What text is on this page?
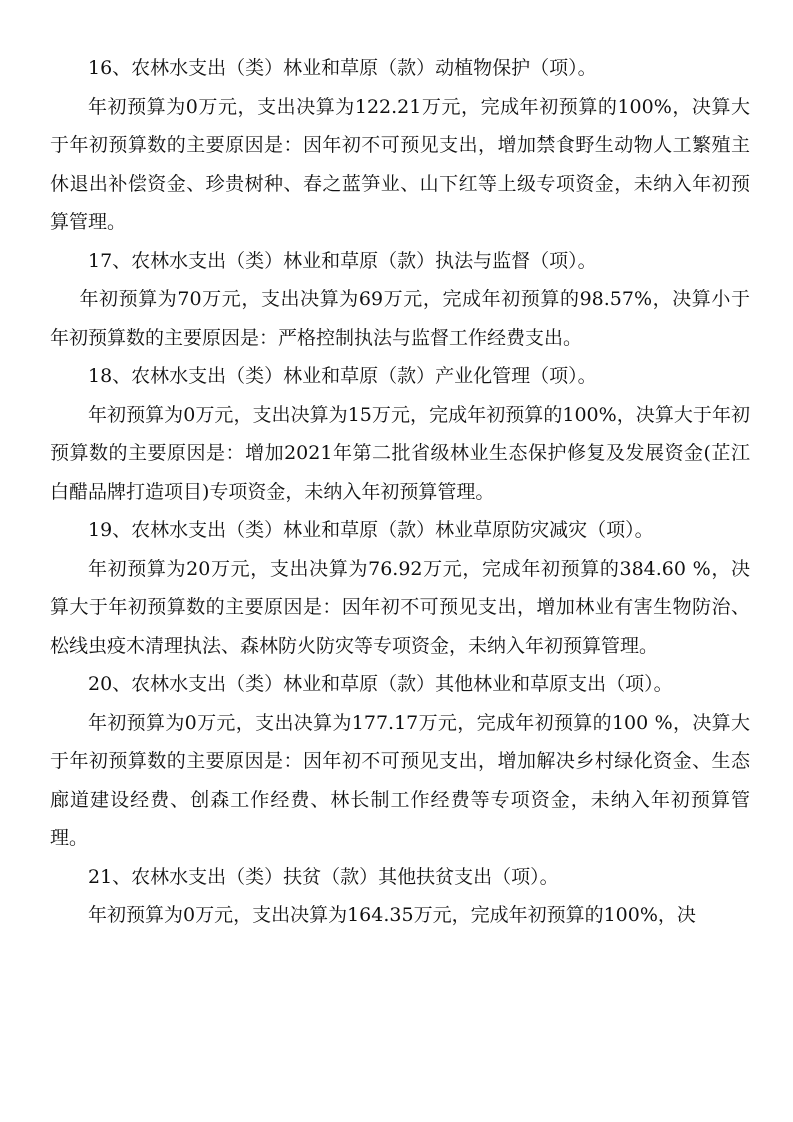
16、农林水支出（类）林业和草原（款）动植物保护（项）。

年初预算为0万元，支出决算为122.21万元，完成年初预算的100%，决算大于年初预算数的主要原因是：因年初不可预见支出，增加禁食野生动物人工繁殖主休退出补偿资金、珍贵树种、春之蓝笋业、山下红等上级专项资金，未纳入年初预算管理。

17、农林水支出（类）林业和草原（款）执法与监督（项）。

年初预算为70万元，支出决算为69万元，完成年初预算的98.57%，决算小于年初预算数的主要原因是：严格控制执法与监督工作经费支出。

18、农林水支出（类）林业和草原（款）产业化管理（项）。

年初预算为0万元，支出决算为15万元，完成年初预算的100%，决算大于年初预算数的主要原因是：增加2021年第二批省级林业生态保护修复及发展资金(芷江白醋品牌打造项目)专项资金，未纳入年初预算管理。

19、农林水支出（类）林业和草原（款）林业草原防灾减灾（项）。

年初预算为20万元，支出决算为76.92万元，完成年初预算的384.60 %，决算大于年初预算数的主要原因是：因年初不可预见支出，增加林业有害生物防治、松线虫疫木清理执法、森林防火防灾等专项资金，未纳入年初预算管理。

20、农林水支出（类）林业和草原（款）其他林业和草原支出（项）。

年初预算为0万元，支出决算为177.17万元，完成年初预算的100 %，决算大于年初预算数的主要原因是：因年初不可预见支出，增加解决乡村绿化资金、生态廊道建设经费、创森工作经费、林长制工作经费等专项资金，未纳入年初预算管理。

21、农林水支出（类）扶贫（款）其他扶贫支出（项）。

年初预算为0万元，支出决算为164.35万元，完成年初预算的100%，决
